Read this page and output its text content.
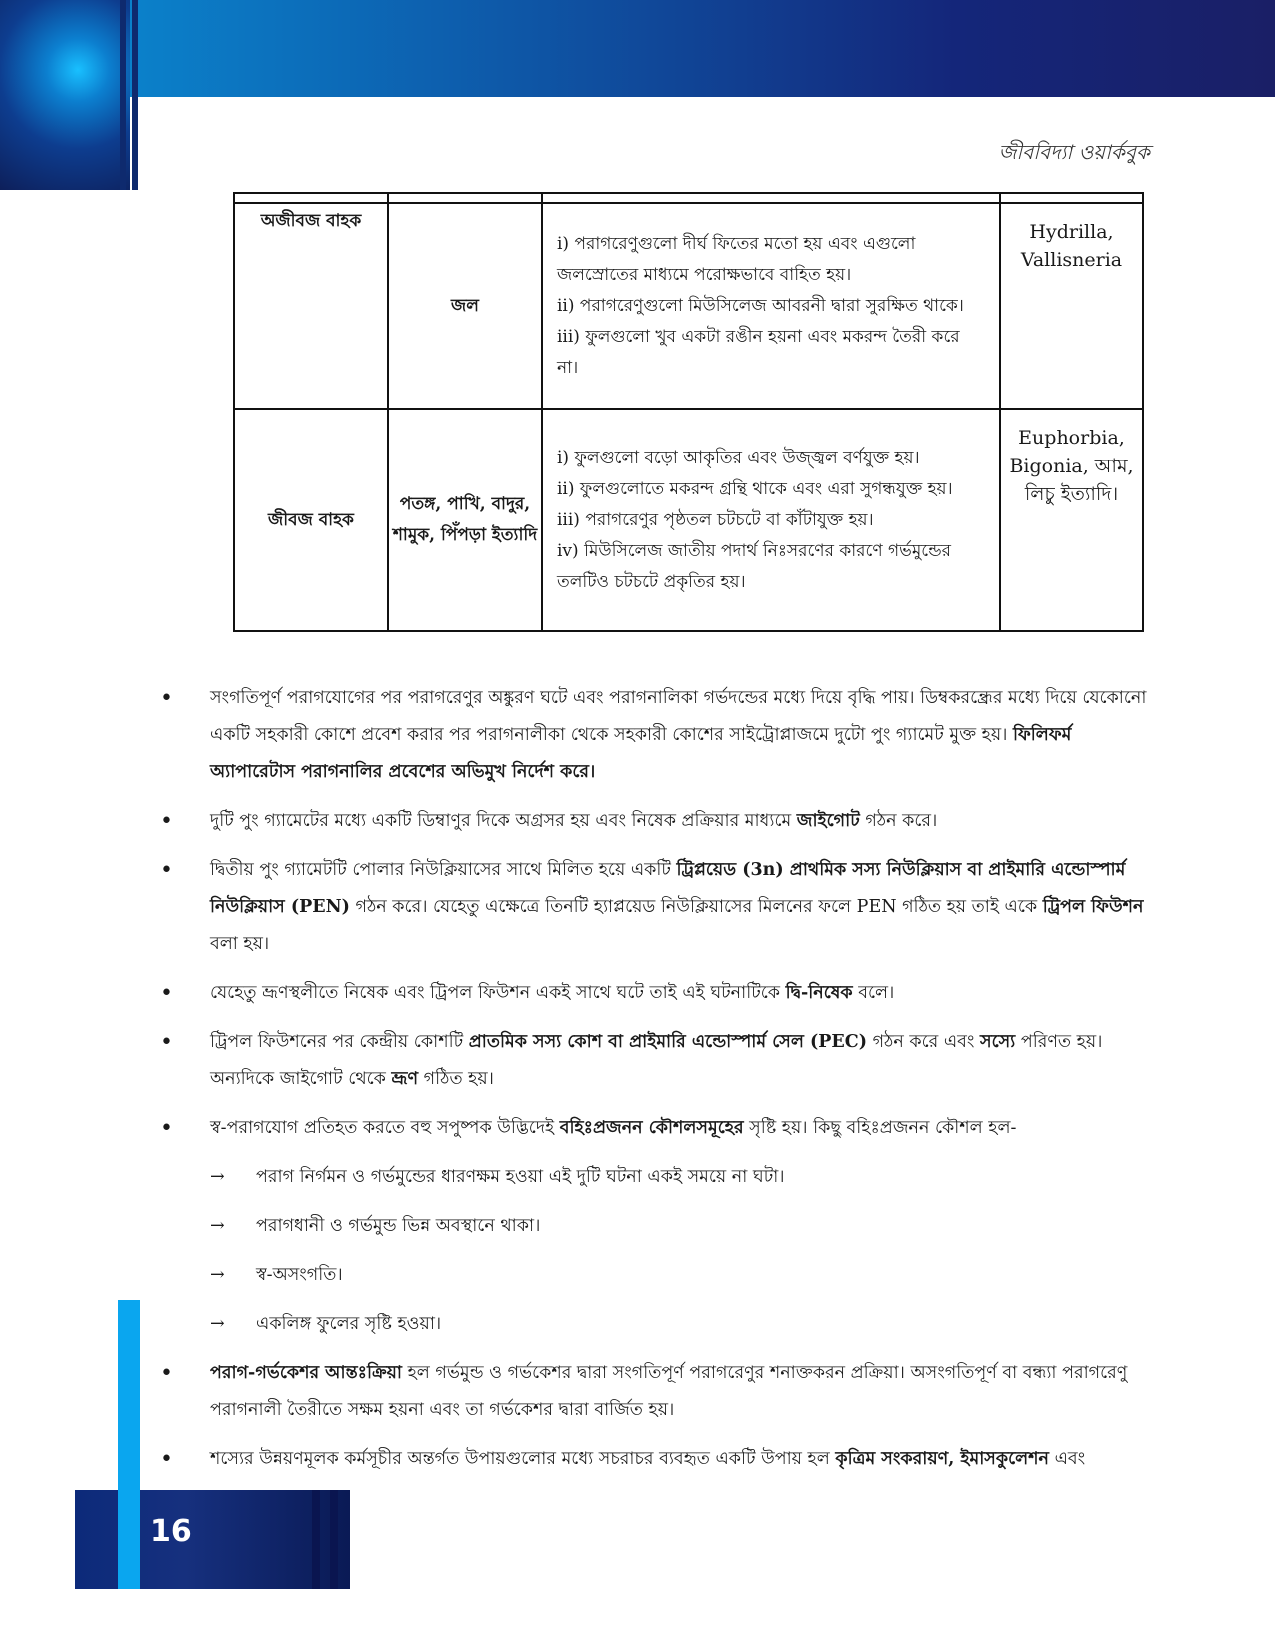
জীববিদ্যা ওয়ার্কবুক

অজীবজ বাহক	জল	i) পরাগরেণুগুলো দীর্ঘ ফিতের মতো হয় এবং এগুলো জলস্রোতের মাধ্যমে পরোক্ষভাবে বাহিত হয়।
ii) পরাগরেণুগুলো মিউসিলেজ আবরনী দ্বারা সুরক্ষিত থাকে।
iii) ফুলগুলো খুব একটা রঙীন হয়না এবং মকরন্দ তৈরী করে না।	Hydrilla, Vallisneria
জীবজ বাহক	পতঙ্গ, পাখি, বাদুর, শামুক, পিঁপড়া ইত্যাদি	i) ফুলগুলো বড়ো আকৃতির এবং উজ্জ্বল বর্ণযুক্ত হয়।
ii) ফুলগুলোতে মকরন্দ গ্রন্থি থাকে এবং এরা সুগন্ধযুক্ত হয়।
iii) পরাগরেণুর পৃষ্ঠতল চটচটে বা কাঁটাযুক্ত হয়।
iv) মিউসিলেজ জাতীয় পদার্থ নিঃসরণের কারণে গর্ভমুন্ডের তলটিও চটচটে প্রকৃতির হয়।	Euphorbia, Bigonia, আম, লিচু ইত্যাদি।
• সংগতিপূর্ণ পরাগযোগের পর পরাগরেণুর অঙ্কুরণ ঘটে এবং পরাগনালিকা গর্ভদন্ডের মধ্যে দিয়ে বৃদ্ধি পায়। ডিম্বকরন্ধ্রের মধ্যে দিয়ে যেকোনো একটি সহকারী কোশে প্রবেশ করার পর পরাগনালীকা থেকে সহকারী কোশের সাইট্রোপ্লাজমে দুটো পুং গ্যামেট মুক্ত হয়। ফিলিফর্ম অ্যাপারেটাস পরাগনালির প্রবেশের অভিমুখ নির্দেশ করে।
• দুটি পুং গ্যামেটের মধ্যে একটি ডিম্বাণুর দিকে অগ্রসর হয় এবং নিষেক প্রক্রিয়ার মাধ্যমে জাইগোট গঠন করে।
• দ্বিতীয় পুং গ্যামেটটি পোলার নিউক্লিয়াসের সাথে মিলিত হয়ে একটি ট্রিপ্লয়েড (3n) প্রাথমিক সস্য নিউক্লিয়াস বা প্রাইমারি এন্ডোস্পার্ম নিউক্লিয়াস (PEN) গঠন করে। যেহেতু এক্ষেত্রে তিনটি হ্যাপ্লয়েড নিউক্লিয়াসের মিলনের ফলে PEN গঠিত হয় তাই একে ট্রিপল ফিউশন বলা হয়।
• যেহেতু ভ্রূণস্থলীতে নিষেক এবং ট্রিপল ফিউশন একই সাথে ঘটে তাই এই ঘটনাটিকে দ্বি-নিষেক বলে।
• ট্রিপল ফিউশনের পর কেন্দ্রীয় কোশটি প্রাতমিক সস্য কোশ বা প্রাইমারি এন্ডোস্পার্ম সেল (PEC) গঠন করে এবং সস্যে পরিণত হয়। অন্যদিকে জাইগোট থেকে ভ্রূণ গঠিত হয়।
• স্ব-পরাগযোগ প্রতিহত করতে বহু সপুষ্পক উদ্ভিদেই বহিঃপ্রজনন কৌশলসমূহের সৃষ্টি হয়। কিছু বহিঃপ্রজনন কৌশল হল-
→ পরাগ নির্গমন ও গর্ভমুন্ডের ধারণক্ষম হওয়া এই দুটি ঘটনা একই সময়ে না ঘটা।
→ পরাগধানী ও গর্ভমুন্ড ভিন্ন অবস্থানে থাকা।
→ স্ব-অসংগতি।
→ একলিঙ্গ ফুলের সৃষ্টি হওয়া।
• পরাগ-গর্ভকেশর আন্তঃক্রিয়া হল গর্ভমুন্ড ও গর্ভকেশর দ্বারা সংগতিপূর্ণ পরাগরেণুর শনাক্তকরন প্রক্রিয়া। অসংগতিপূর্ণ বা বন্ধ্যা পরাগরেণু পরাগনালী তৈরীতে সক্ষম হয়না এবং তা গর্ভকেশর দ্বারা বার্জিত হয়।
• শস্যের উন্নয়ণমূলক কর্মসূচীর অন্তর্গত উপায়গুলোর মধ্যে সচরাচর ব্যবহৃত একটি উপায় হল কৃত্রিম সংকরায়ণ, ইমাসকুলেশন এবং
16
